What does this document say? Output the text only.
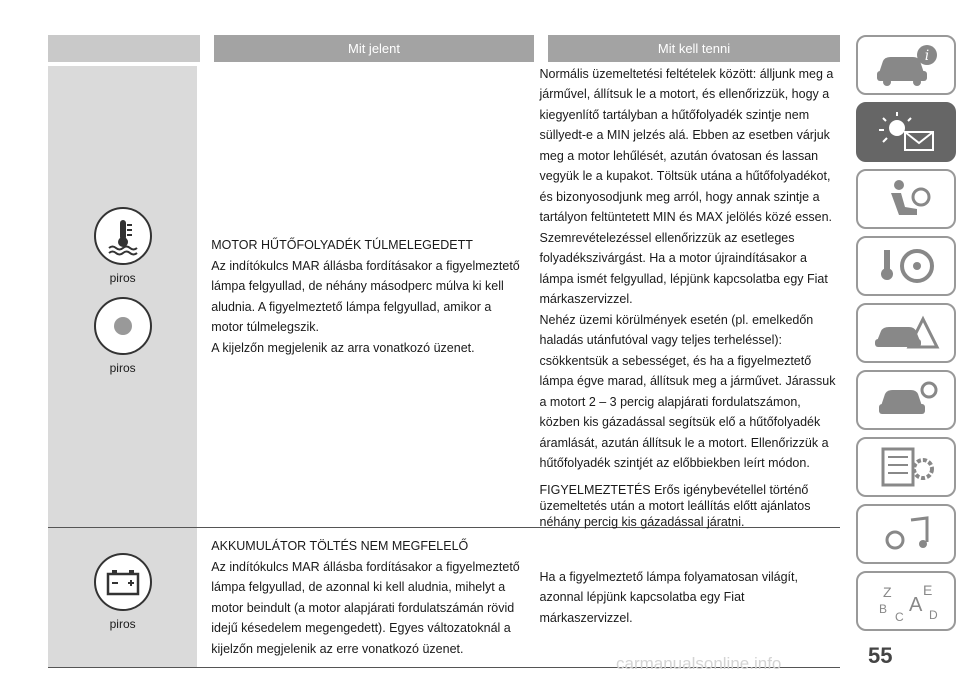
Mit jelent	Mit kell tenni
piros
piros

MOTOR HŰTŐFOLYADÉK TÚLMELEGEDETT

Az indítókulcs MAR állásba fordításakor a figyelmeztető lámpa felgyullad, de néhány másodperc múlva ki kell aludnia. A figyelmeztető lámpa felgyullad, amikor a motor túlmelegszik.

A kijelzőn megjelenik az arra vonatkozó üzenet.

Normális üzemeltetési feltételek között: álljunk meg a járművel, állítsuk le a motort, és ellenőrizzük, hogy a kiegyenlítő tartályban a hűtőfolyadék szintje nem süllyedt-e a MIN jelzés alá. Ebben az esetben várjuk meg a motor lehűlését, azután óvatosan és lassan vegyük le a kupakot. Töltsük utána a hűtőfolyadékot, és bizonyosodjunk meg arról, hogy annak szintje a tartályon feltüntetett MIN és MAX jelölés közé essen. Szemrevételezéssel ellenőrizzük az esetleges folyadékszivárgást. Ha a motor újraindításakor a lámpa ismét felgyullad, lépjünk kapcsolatba egy Fiat márkaszervizzel.

Nehéz üzemi körülmények esetén (pl. emelkedőn haladás utánfutóval vagy teljes terheléssel): csökkentsük a sebességet, és ha a figyelmeztető lámpa égve marad, állítsuk meg a járművet. Járassuk a motort 2 – 3 percig alapjárati fordulatszámon, közben kis gázadással segítsük elő a hűtőfolyadék áramlását, azután állítsuk le a motort. Ellenőrizzük a hűtőfolyadék szintjét az előbbiekben leírt módon.

FIGYELMEZTETÉS Erős igénybevétellel történő üzemeltetés után a motort leállítás előtt ajánlatos néhány percig kis gázadással járatni.

piros

AKKUMULÁTOR TÖLTÉS NEM MEGFELELŐ

Az indítókulcs MAR állásba fordításakor a figyelmeztető lámpa felgyullad, de azonnal ki kell aludnia, mihelyt a motor beindult (a motor alapjárati fordulatszámán rövid idejű késedelem megengedett). Egyes változatoknál a kijelzőn megjelenik az erre vonatkozó üzenet.

Ha a figyelmeztető lámpa folyamatosan világít, azonnal lépjünk kapcsolatba egy Fiat márkaszervizzel.

i
Z E
B A
C D
55
carmanualsonline.info
